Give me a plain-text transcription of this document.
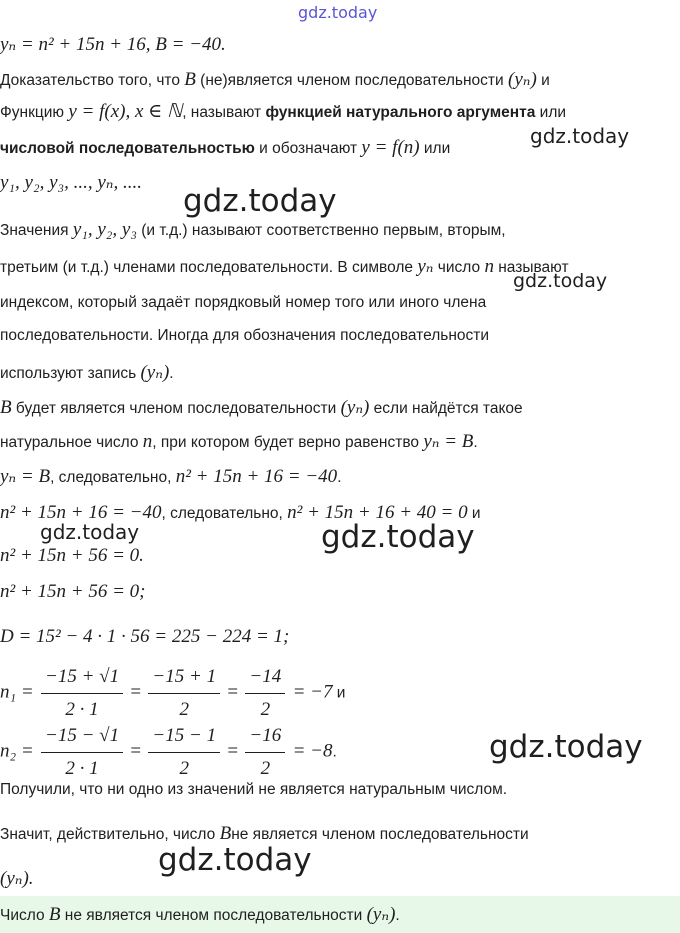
gdz.today
gdz.today
gdz.today
gdz.today
gdz.today	gdz.today
gdz.today
gdz.today
yₙ = n² + 15n + 16, B = −40.
Доказательство того, что B (не)является членом последовательности (yₙ) и
Функцию y = f(x), x ∈ ℕ, называют функцией натурального аргумента или
числовой последовательностью и обозначают y = f(n) или
y₁, y₂, y₃, ..., yₙ, ....
Значения y₁, y₂, y₃ (и т.д.) называют соответственно первым, вторым,
третьим (и т.д.) членами последовательности. В символе yₙ число n называют
индексом, который задаёт порядковый номер того или иного члена
последовательности. Иногда для обозначения последовательности
используют запись (yₙ).
B будет является членом последовательности (yₙ) если найдётся такое
натуральное число n, при котором будет верно равенство yₙ = B.
yₙ = B, следовательно, n² + 15n + 16 = −40.
n² + 15n + 16 = −40, следовательно, n² + 15n + 16 + 40 = 0 и
n² + 15n + 56 = 0.
n² + 15n + 56 = 0;
D = 15² − 4 · 1 · 56 = 225 − 224 = 1;
$n_1 = \frac{-15 + √1}{2 \cdot 1} = \frac{-15 + 1}{2} = \frac{-14}{2} = -7$ и
$n_2 = \frac{-15 - √1}{2 \cdot 1} = \frac{-15 - 1}{2} = \frac{-16}{2} = -8$.
Получили, что ни одно из значений не является натуральным числом.
Значит, действительно, число Bне является членом последовательности
(yₙ).
Число B не является членом последовательности (yₙ).
